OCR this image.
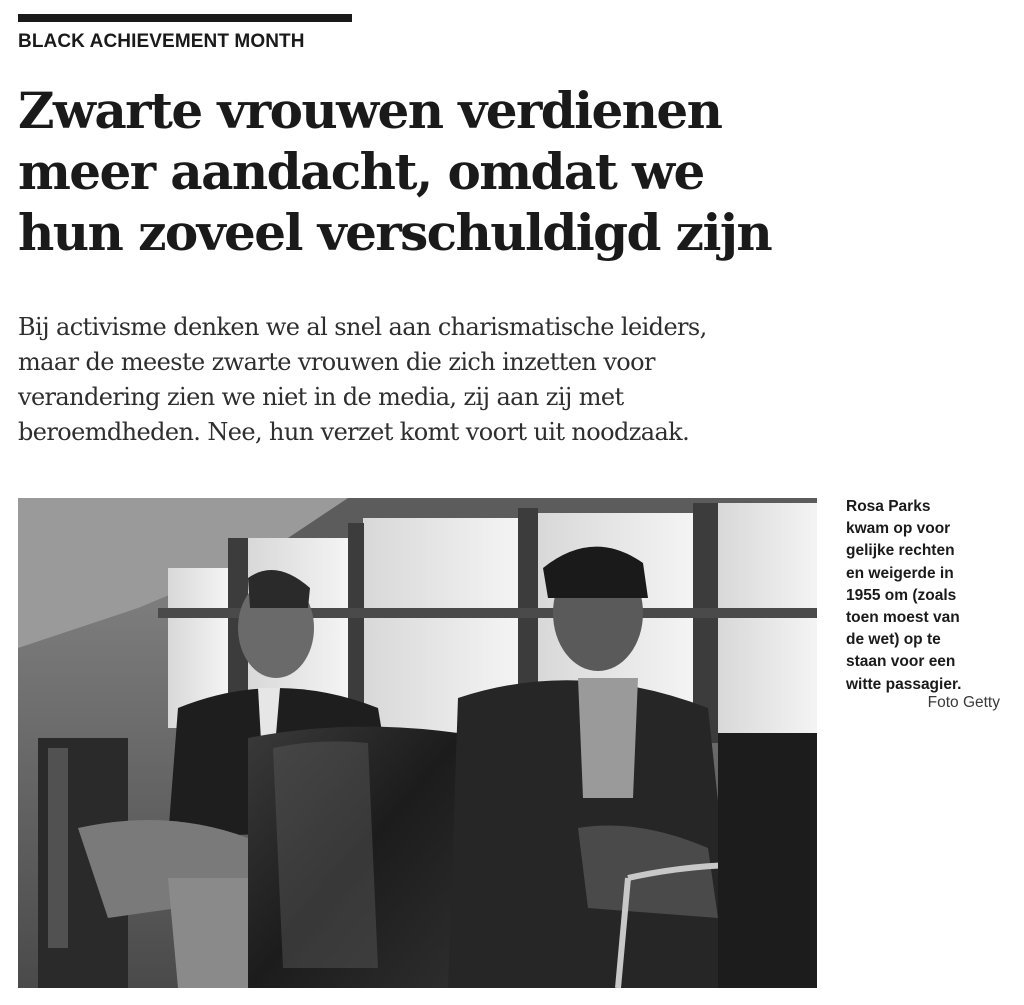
BLACK ACHIEVEMENT MONTH
Zwarte vrouwen verdienen
meer aandacht, omdat we
hun zoveel verschuldigd zijn

Bij activisme denken we al snel aan charismatische leiders,
maar de meeste zwarte vrouwen die zich inzetten voor
verandering zien we niet in de media, zij aan zij met
beroemdheden. Nee, hun verzet komt voort uit noodzaak.

Rosa Parks
kwam op voor
gelijke rechten
en weigerde in
1955 om (zoals
toen moest van
de wet) op te
staan voor een
witte passagier.
Foto Getty
